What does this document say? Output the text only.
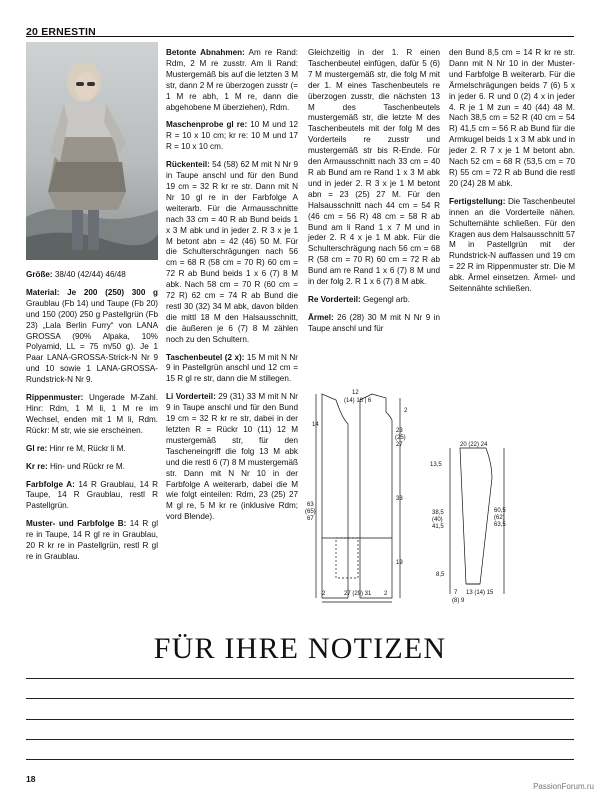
20 ERNESTIN

Größe: 38/40 (42/44) 46/48

Material: Je 200 (250) 300 g Graublau (Fb 14) und Taupe (Fb 20) und 150 (200) 250 g Pastellgrün (Fb 23) „Lala Berlin Furry“ von LANA GROSSA (90% Alpaka, 10% Polyamid, LL = 75 m/50 g). Je 1 Paar LANA-GROSSA-Strick-N Nr 9 und 10 sowie 1 LANA-GROSSA-Rundstrick-N Nr 9.

Rippenmuster: Ungerade M-Zahl. Hinr: Rdm, 1 M li, 1 M re im Wechsel, enden mit 1 M li, Rdm. Rückr: M str, wie sie erscheinen.

Gl re: Hinr re M, Rückr li M.

Kr re: Hin- und Rückr re M.

Farbfolge A: 14 R Graublau, 14 R Taupe, 14 R Graublau, restl R Pastellgrün.

Muster- und Farbfolge B: 14 R gl re in Taupe, 14 R gl re in Graublau, 20 R kr re in Pastellgrün, restl R gl re in Graublau.

Betonte Abnahmen: Am re Rand: Rdm, 2 M re zusstr. Am li Rand: Mustergemäß bis auf die letzten 3 M str, dann 2 M re überzogen zusstr (= 1 M re abh, 1 M re, dann die abgehobene M überziehen), Rdm.

Maschenprobe gl re: 10 M und 12 R = 10 x 10 cm; kr re: 10 M und 17 R = 10 x 10 cm.

Rückenteil: 54 (58) 62 M mit N Nr 9 in Taupe anschl und für den Bund 19 cm = 32 R kr re str. Dann mit N Nr 10 gl re in der Farbfolge A weiterarb. Für die Armausschnitte nach 33 cm = 40 R ab Bund beids 1 x 3 M abk und in jeder 2. R 3 x je 1 M betont abn = 42 (46) 50 M. Für die Schulterschrägungen nach 56 cm = 68 R (58 cm = 70 R) 60 cm = 72 R ab Bund beids 1 x 6 (7) 8 M abk. Nach 58 cm = 70 R (60 cm = 72 R) 62 cm = 74 R ab Bund die restl 30 (32) 34 M abk, davon bilden die mittl 18 M den Halsausschnitt, die äußeren je 6 (7) 8 M zählen noch zu den Schultern.

Taschenbeutel (2 x): 15 M mit N Nr 9 in Pastellgrün anschl und 12 cm = 15 R gl re str, dann die M stillegen.

Li Vorderteil: 29 (31) 33 M mit N Nr 9 in Taupe anschl und für den Bund 19 cm = 32 R kr re str, dabei in der letzten R = Rückr 10 (11) 12 M mustergemäß str, für den Tascheneingriff die folg 13 M abk und die restl 6 (7) 8 M mustergemäß str. Dann mit N Nr 10 in der Farbfolge A weiterarb, dabei die M wie folgt einteilen: Rdm, 23 (25) 27 M gl re, 5 M kr re (inklusive Rdm; vord Blende).

Gleichzeitig in der 1. R einen Taschenbeutel einfügen, dafür 5 (6) 7 M mustergemäß str, die folg M mit der 1. M eines Taschenbeutels re überzogen zusstr, die nächsten 13 M des Taschenbeutels mustergemäß str, die letzte M des Taschenbeutels mit der folg M des Vorderteils re zusstr und mustergemäß str bis R-Ende. Für den Armausschnitt nach 33 cm = 40 R ab Bund am re Rand 1 x 3 M abk und in jeder 2. R 3 x je 1 M betont abn = 23 (25) 27 M. Für den Halsausschnitt nach 44 cm = 54 R (46 cm = 56 R) 48 cm = 58 R ab Bund am li Rand 1 x 7 M und in jeder 2. R 4 x je 1 M abk. Für die Schulterschrägung nach 56 cm = 68 R (58 cm = 70 R) 60 cm = 72 R ab Bund am re Rand 1 x 6 (7) 8 M und in der folg 2. R 1 x 6 (7) 8 M abk.

Re Vorderteil: Gegengl arb.

Ärmel: 26 (28) 30 M mit N Nr 9 in Taupe anschl und für

den Bund 8,5 cm = 14 R kr re str. Dann mit N Nr 10 in der Muster- und Farbfolge B weiterarb. Für die Ärmelschrägungen beids 7 (6) 5 x in jeder 6. R und 0 (2) 4 x in jeder 4. R je 1 M zun = 40 (44) 48 M. Nach 38,5 cm = 52 R (40 cm = 54 R) 41,5 cm = 56 R ab Bund für die Armkugel beids 1 x 3 M abk und in jeder 2. R 7 x je 1 M betont abn. Nach 52 cm = 68 R (53,5 cm = 70 R) 55 cm = 72 R ab Bund die restl 20 (24) 28 M abk.

Fertigstellung: Die Taschenbeutel innen an die Vorderteile nähen. Schulternähte schließen. Für den Kragen aus dem Halsausschnitt 57 M in Pastellgrün mit der Rundstrick-N auffassen und 19 cm = 22 R im Rippenmuster str. Die M abk. Ärmel einsetzen. Ärmel- und Seitennähte schließen.

12
(14) 16 | 6
2
14
23
(25)
27
63
(65)
67
33
19
2	27 (29) 31 2
20 (22) 24
13,5
38,5
(40)
41,5
60,5
(62)
63,5
8,5
7
(8) 9
13 (14) 15
FÜR IHRE NOTIZEN
18
PassionForum.ru
